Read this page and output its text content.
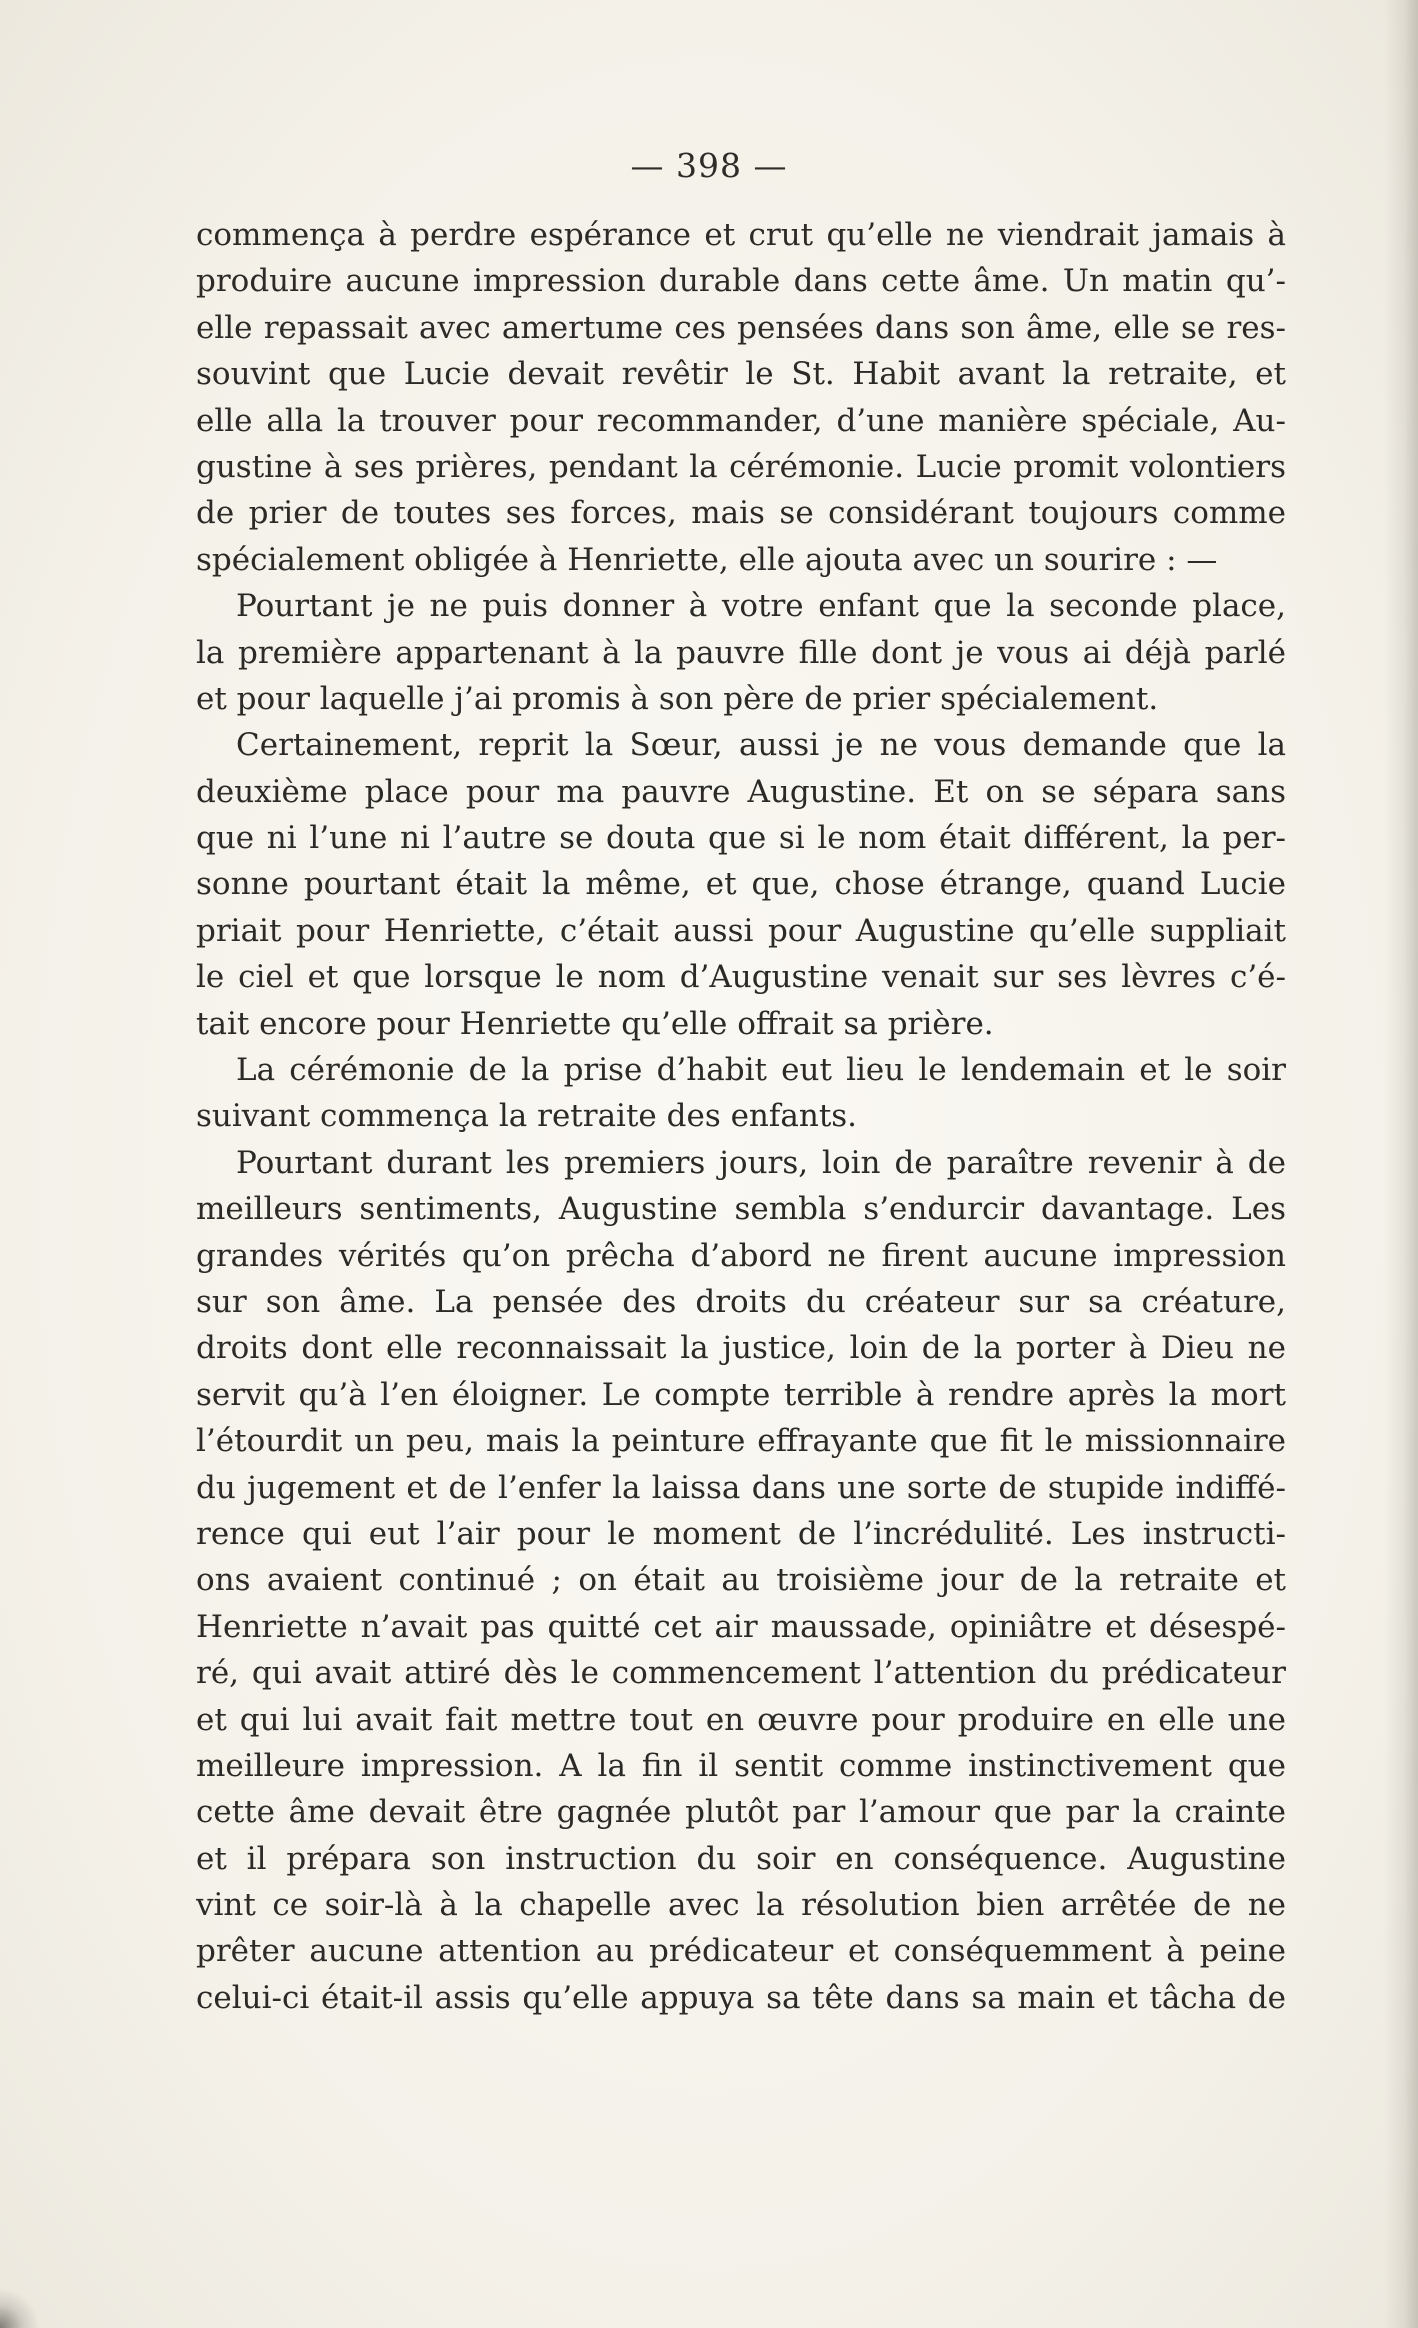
— 398 —
commença à perdre espérance et crut qu’elle ne viendrait jamais à
produire aucune impression durable dans cette âme. Un matin qu’-
elle repassait avec amertume ces pensées dans son âme, elle se res-
souvint que Lucie devait revêtir le St. Habit avant la retraite, et
elle alla la trouver pour recommander, d’une manière spéciale, Au-
gustine à ses prières, pendant la cérémonie. Lucie promit volontiers
de prier de toutes ses forces, mais se considérant toujours comme
spécialement obligée à Henriette, elle ajouta avec un sourire : —
Pourtant je ne puis donner à votre enfant que la seconde place,
la première appartenant à la pauvre fille dont je vous ai déjà parlé
et pour laquelle j’ai promis à son père de prier spécialement.
Certainement, reprit la Sœur, aussi je ne vous demande que la
deuxième place pour ma pauvre Augustine. Et on se sépara sans
que ni l’une ni l’autre se douta que si le nom était différent, la per-
sonne pourtant était la même, et que, chose étrange, quand Lucie
priait pour Henriette, c’était aussi pour Augustine qu’elle suppliait
le ciel et que lorsque le nom d’Augustine venait sur ses lèvres c’é-
tait encore pour Henriette qu’elle offrait sa prière.
La cérémonie de la prise d’habit eut lieu le lendemain et le soir
suivant commença la retraite des enfants.
Pourtant durant les premiers jours, loin de paraître revenir à de
meilleurs sentiments, Augustine sembla s’endurcir davantage. Les
grandes vérités qu’on prêcha d’abord ne firent aucune impression
sur son âme. La pensée des droits du créateur sur sa créature,
droits dont elle reconnaissait la justice, loin de la porter à Dieu ne
servit qu’à l’en éloigner. Le compte terrible à rendre après la mort
l’étourdit un peu, mais la peinture effrayante que fit le missionnaire
du jugement et de l’enfer la laissa dans une sorte de stupide indiffé-
rence qui eut l’air pour le moment de l’incrédulité. Les instructi-
ons avaient continué ; on était au troisième jour de la retraite et
Henriette n’avait pas quitté cet air maussade, opiniâtre et désespé-
ré, qui avait attiré dès le commencement l’attention du prédicateur
et qui lui avait fait mettre tout en œuvre pour produire en elle une
meilleure impression. A la fin il sentit comme instinctivement que
cette âme devait être gagnée plutôt par l’amour que par la crainte
et il prépara son instruction du soir en conséquence. Augustine
vint ce soir-là à la chapelle avec la résolution bien arrêtée de ne
prêter aucune attention au prédicateur et conséquemment à peine
celui-ci était-il assis qu’elle appuya sa tête dans sa main et tâcha de
